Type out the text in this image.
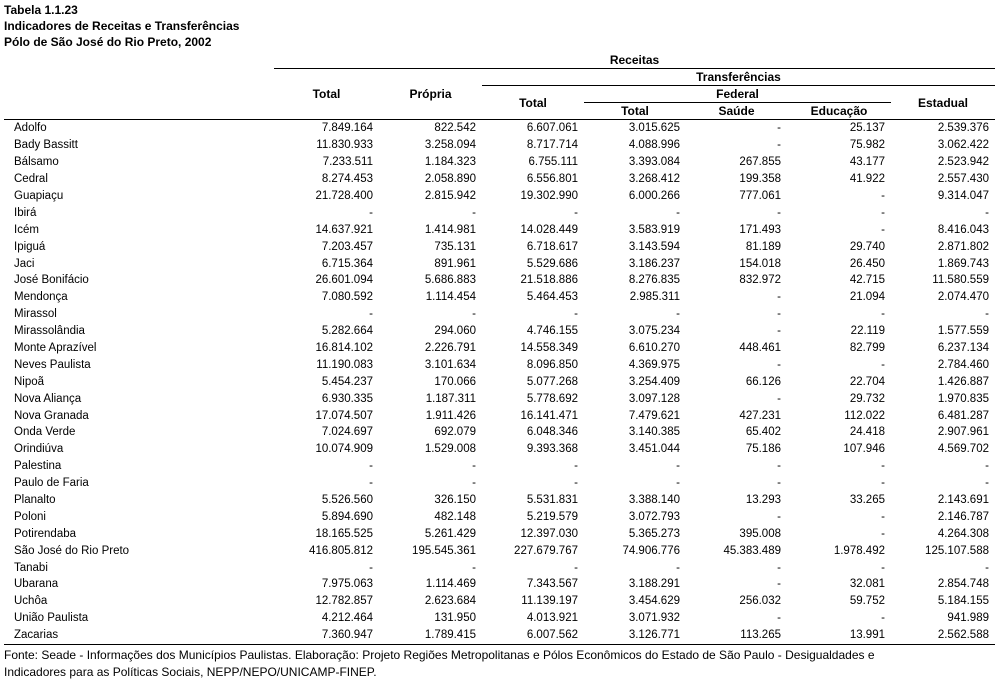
Tabela 1.1.23
Indicadores de Receitas e Transferências
Pólo de São José do Rio Preto, 2002
	Receitas						
	Total	Própria	Transferências				
			Total	Federal			Estadual
				Total	Saúde	Educação	
Adolfo	7.849.164	822.542	6.607.061	3.015.625	-	25.137	2.539.376
Bady Bassitt	11.830.933	3.258.094	8.717.714	4.088.996	-	75.982	3.062.422
Bálsamo	7.233.511	1.184.323	6.755.111	3.393.084	267.855	43.177	2.523.942
Cedral	8.274.453	2.058.890	6.556.801	3.268.412	199.358	41.922	2.557.430
Guapiaçu	21.728.400	2.815.942	19.302.990	6.000.266	777.061	-	9.314.047
Ibirá	-	-	-	-	-	-	-
Icém	14.637.921	1.414.981	14.028.449	3.583.919	171.493	-	8.416.043
Ipiguá	7.203.457	735.131	6.718.617	3.143.594	81.189	29.740	2.871.802
Jaci	6.715.364	891.961	5.529.686	3.186.237	154.018	26.450	1.869.743
José Bonifácio	26.601.094	5.686.883	21.518.886	8.276.835	832.972	42.715	11.580.559
Mendonça	7.080.592	1.114.454	5.464.453	2.985.311	-	21.094	2.074.470
Mirassol	-	-	-	-	-	-	-
Mirassolândia	5.282.664	294.060	4.746.155	3.075.234	-	22.119	1.577.559
Monte Aprazível	16.814.102	2.226.791	14.558.349	6.610.270	448.461	82.799	6.237.134
Neves Paulista	11.190.083	3.101.634	8.096.850	4.369.975	-	-	2.784.460
Nipoã	5.454.237	170.066	5.077.268	3.254.409	66.126	22.704	1.426.887
Nova Aliança	6.930.335	1.187.311	5.778.692	3.097.128	-	29.732	1.970.835
Nova Granada	17.074.507	1.911.426	16.141.471	7.479.621	427.231	112.022	6.481.287
Onda Verde	7.024.697	692.079	6.048.346	3.140.385	65.402	24.418	2.907.961
Orindiúva	10.074.909	1.529.008	9.393.368	3.451.044	75.186	107.946	4.569.702
Palestina	-	-	-	-	-	-	-
Paulo de Faria	-	-	-	-	-	-	-
Planalto	5.526.560	326.150	5.531.831	3.388.140	13.293	33.265	2.143.691
Poloni	5.894.690	482.148	5.219.579	3.072.793	-	-	2.146.787
Potirendaba	18.165.525	5.261.429	12.397.030	5.365.273	395.008	-	4.264.308
São José do Rio Preto	416.805.812	195.545.361	227.679.767	74.906.776	45.383.489	1.978.492	125.107.588
Tanabi	-	-	-	-	-	-	-
Ubarana	7.975.063	1.114.469	7.343.567	3.188.291	-	32.081	2.854.748
Uchôa	12.782.857	2.623.684	11.139.197	3.454.629	256.032	59.752	5.184.155
União Paulista	4.212.464	131.950	4.013.921	3.071.932	-	-	941.989
Zacarias	7.360.947	1.789.415	6.007.562	3.126.771	113.265	13.991	2.562.588
Fonte: Seade - Informações dos Municípios Paulistas. Elaboração: Projeto Regiões Metropolitanas e Pólos Econômicos do Estado de São Paulo - Desigualdades e
Indicadores para as Políticas Sociais, NEPP/NEPO/UNICAMP-FINEP.
